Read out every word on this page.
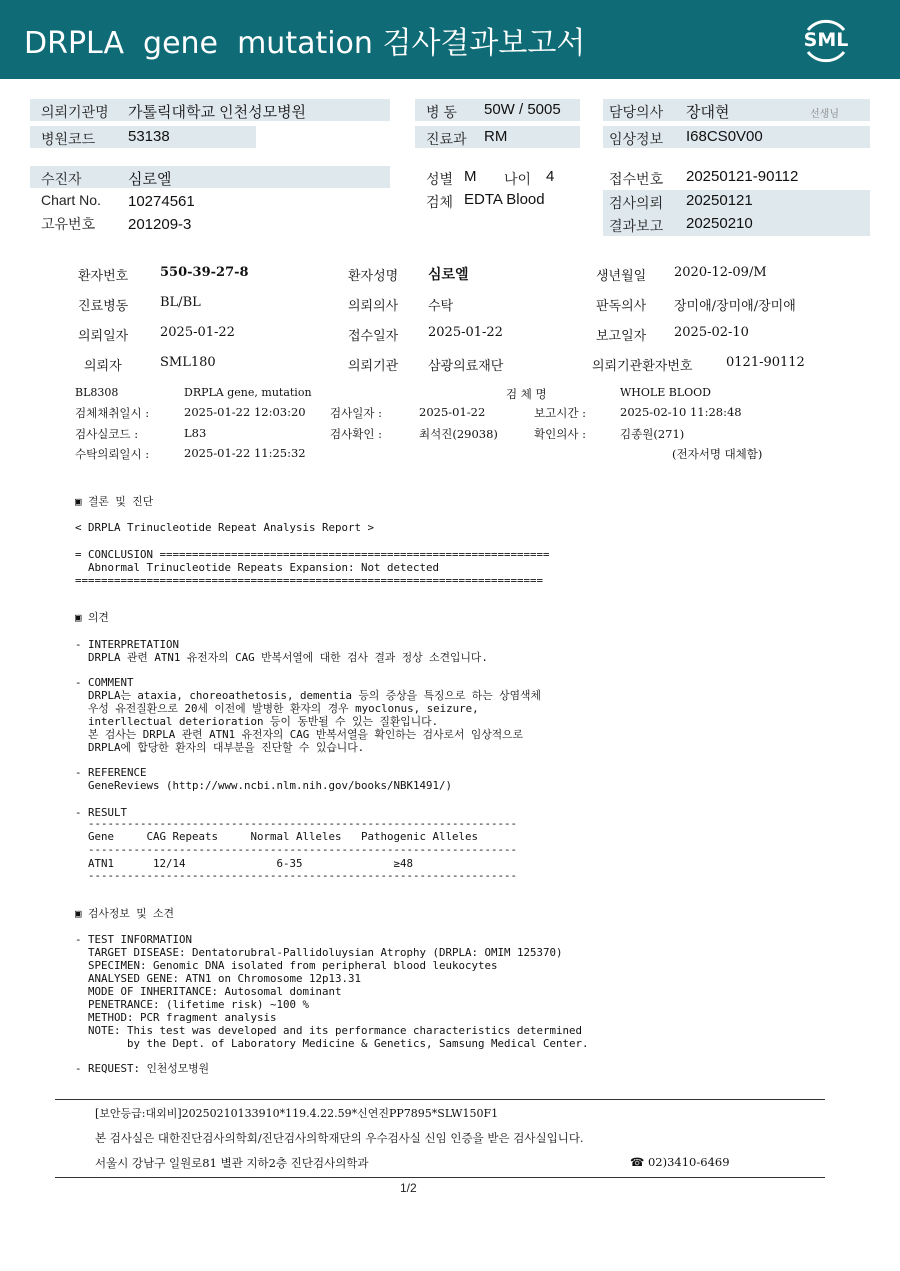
DRPLA  gene  mutation 검사결과보고서	SML
의뢰기관명 가톨릭대학교 인천성모병원
병원코드 53138
병 동 50W / 5005
진료과 RM
담당의사 장대현	선생님
임상정보 I68CS0V00
수진자	심로엘
Chart No. 10274561
고유번호 201209-3
성별 M 나이 4
검체 EDTA Blood
접수번호 20250121-90112
검사의뢰 20250121
결과보고 20250210
환자번호 550-39-27-8	환자성명 심로엘	생년월일 2020-12-09/M
진료병동 BL/BL	의뢰의사 수탁	판독의사 장미애/장미애/장미애
의뢰일자 2025-01-22	접수일자 2025-01-22	보고일자 2025-02-10
의뢰자	SML180	의뢰기관 삼광의료재단	의뢰기관환자번호	0121-90112
BL8308	DRPLA gene, mutation	검 체 명	WHOLE BLOOD
검체채취일시 :	2025-01-22 12:03:20 검사일자 :	2025-01-22	보고시간 :	2025-02-10 11:28:48
검사실코드 :	L83	검사확인 :	최석진(29038)	확인의사 :	김종원(271)
수탁의뢰일시 :	2025-01-22 11:25:32	(전자서명 대체함)
▣ 결론 및 진단
< DRPLA Trinucleotide Repeat Analysis Report >
= CONCLUSION ============================================================
Abnormal Trinucleotide Repeats Expansion: Not detected
========================================================================
▣ 의견
- INTERPRETATION
DRPLA 관련 ATN1 유전자의 CAG 반복서열에 대한 검사 결과 정상 소견입니다.
- COMMENT
DRPLA는 ataxia, choreoathetosis, dementia 등의 증상을 특징으로 하는 상염색체
우성 유전질환으로 20세 이전에 발병한 환자의 경우 myoclonus, seizure,
interllectual deterioration 등이 동반될 수 있는 질환입니다.
본 검사는 DRPLA 관련 ATN1 유전자의 CAG 반복서열을 확인하는 검사로서 임상적으로
DRPLA에 합당한 환자의 대부분을 진단할 수 있습니다.
- REFERENCE
GeneReviews (http://www.ncbi.nlm.nih.gov/books/NBK1491/)
- RESULT
------------------------------------------------------------------
Gene     CAG Repeats     Normal Alleles   Pathogenic Alleles
------------------------------------------------------------------
ATN1      12/14              6-35              ≥48
------------------------------------------------------------------
▣ 검사정보 및 소견
- TEST INFORMATION
TARGET DISEASE: Dentatorubral-Pallidoluysian Atrophy (DRPLA: OMIM 125370)
SPECIMEN: Genomic DNA isolated from peripheral blood leukocytes
ANALYSED GENE: ATN1 on Chromosome 12p13.31
MODE OF INHERITANCE: Autosomal dominant
PENETRANCE: (lifetime risk) ~100 %
METHOD: PCR fragment analysis
NOTE: This test was developed and its performance characteristics determined
by the Dept. of Laboratory Medicine & Genetics, Samsung Medical Center.
- REQUEST: 인천성모병원
[보안등급:대외비]20250210133910*119.4.22.59*신연진PP7895*SLW150F1
본 검사실은 대한진단검사의학회/진단검사의학재단의 우수검사실 신임 인증을 받은 검사실입니다.
서울시 강남구 일원로81 별관 지하2층 진단검사의학과	☎ 02)3410-6469
1/2
